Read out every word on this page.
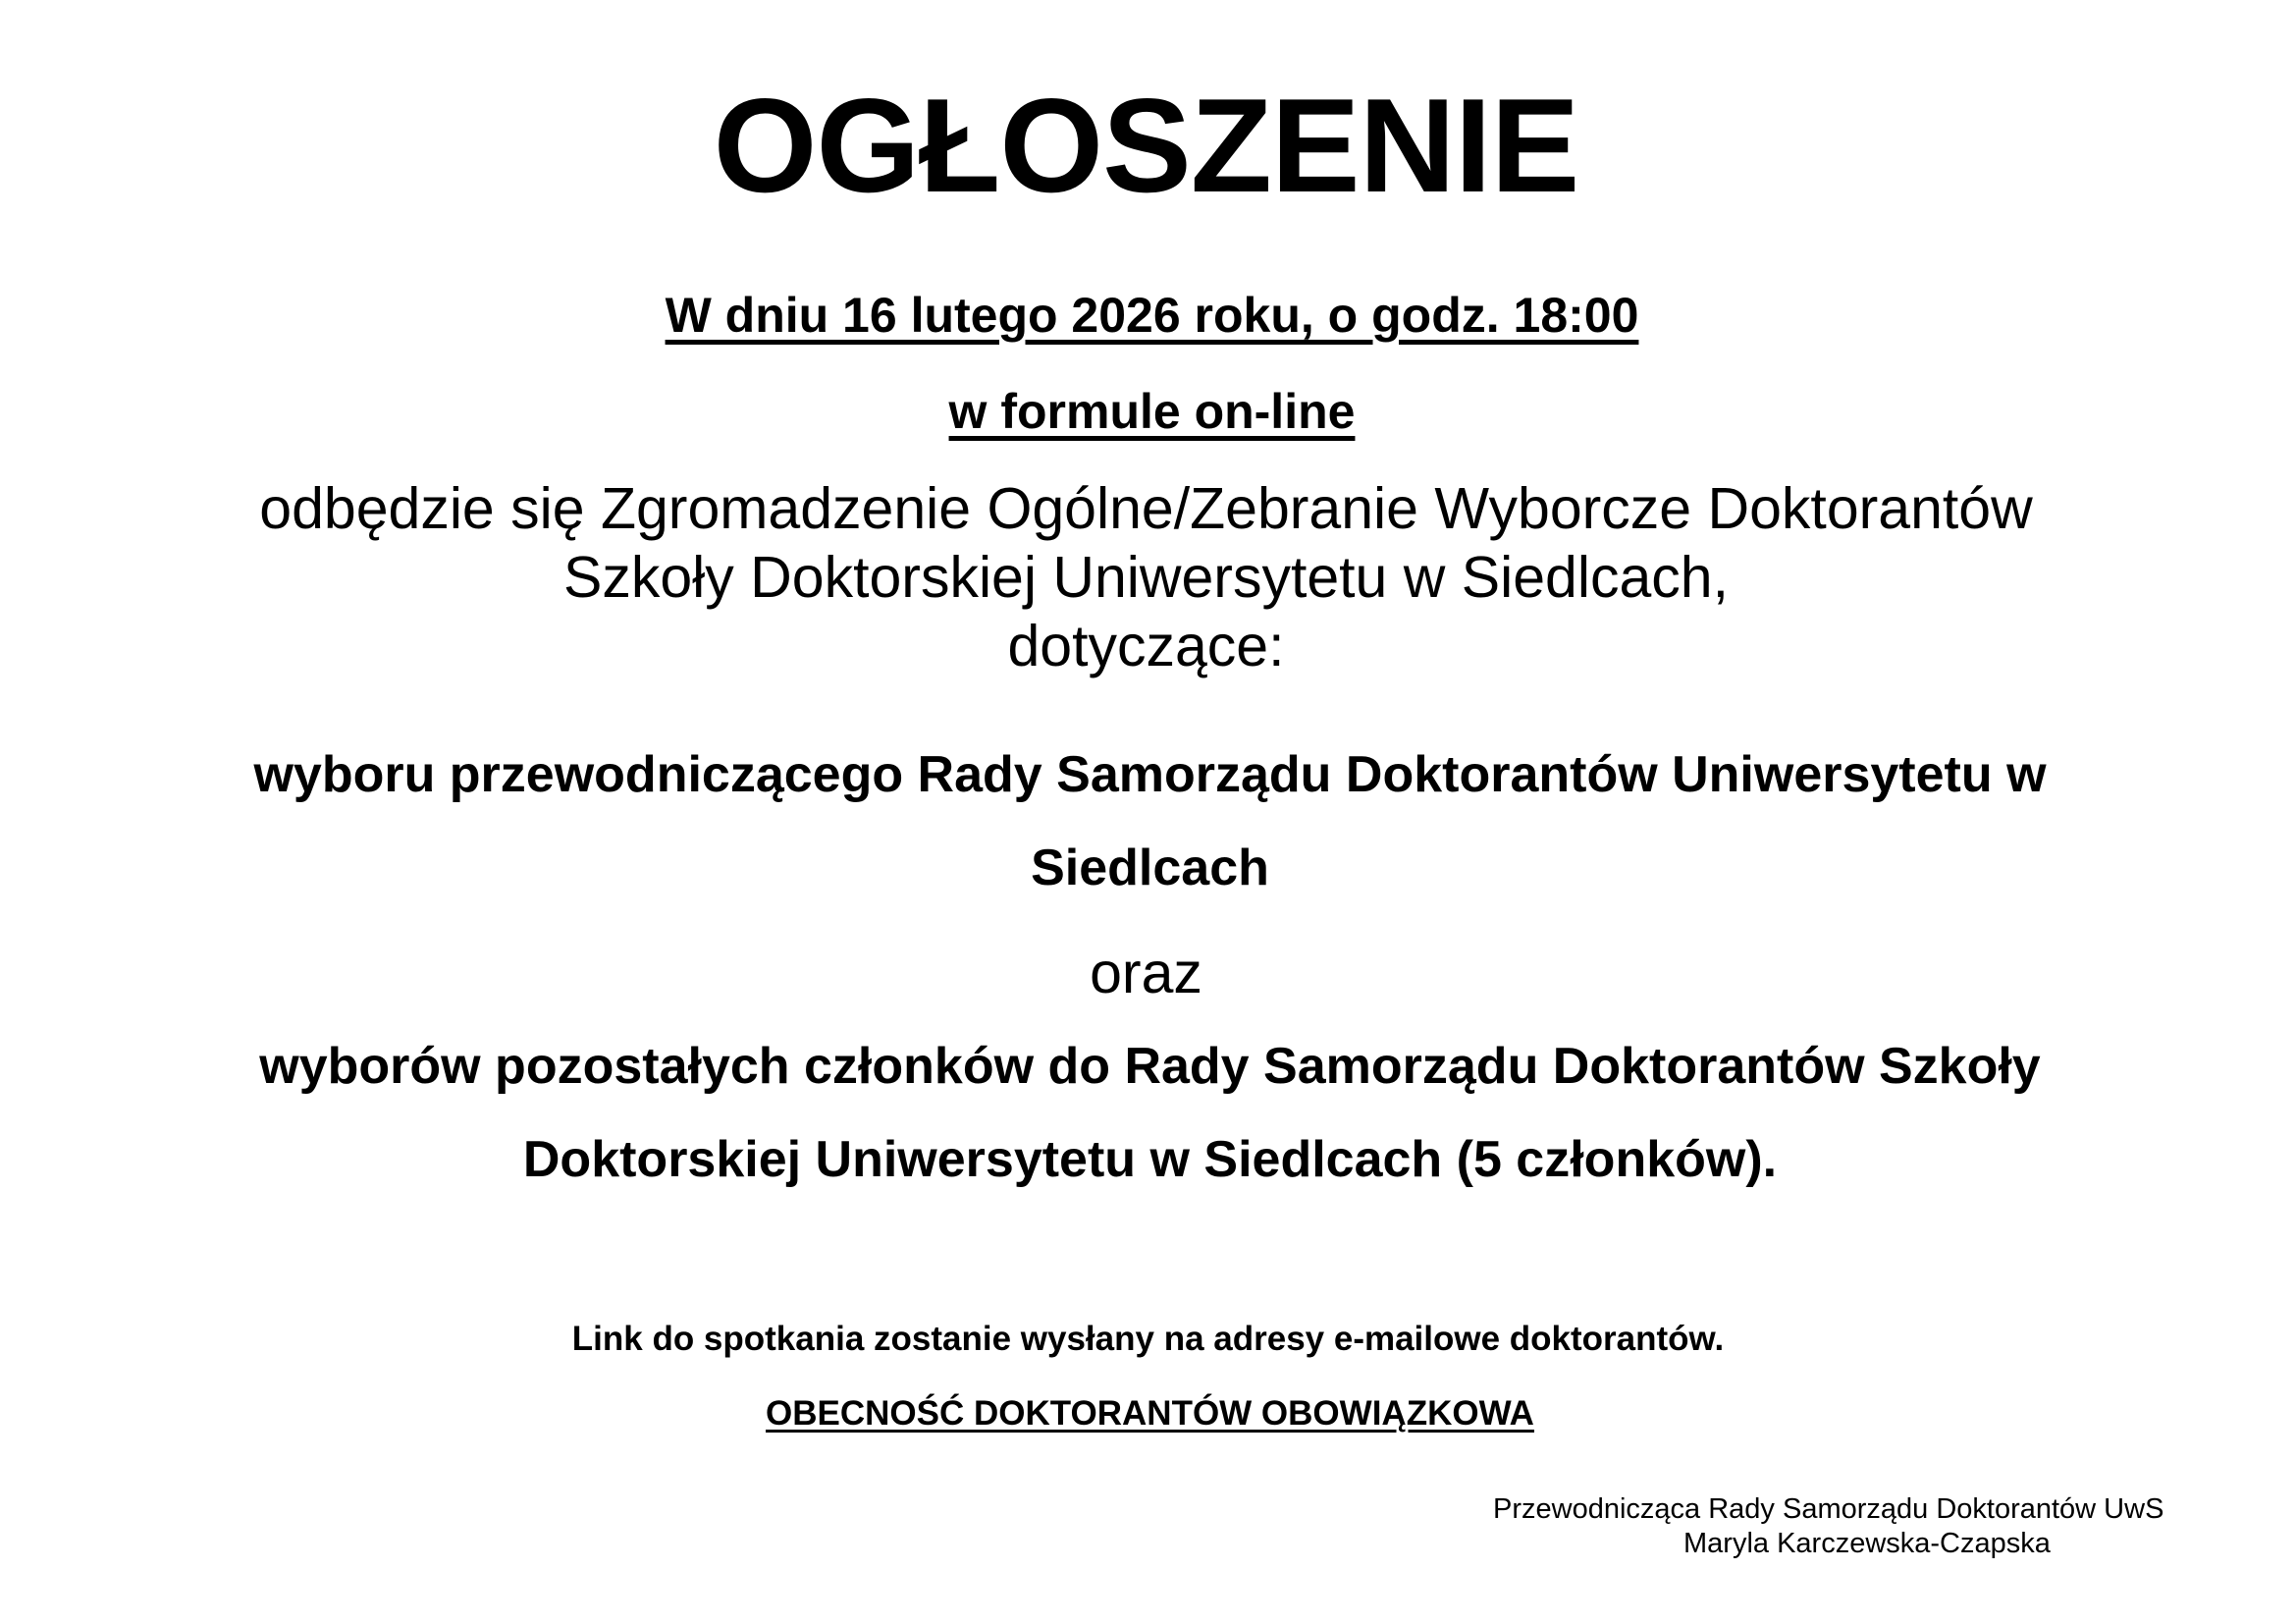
OGŁOSZENIE
W dniu 16 lutego 2026 roku, o godz. 18:00
w formule on-line
odbędzie się Zgromadzenie Ogólne/Zebranie Wyborcze Doktorantów
Szkoły Doktorskiej Uniwersytetu w Siedlcach,
dotyczące:
wyboru przewodniczącego Rady Samorządu Doktorantów Uniwersytetu w
Siedlcach
oraz
wyborów pozostałych członków do Rady Samorządu Doktorantów Szkoły
Doktorskiej Uniwersytetu w Siedlcach (5 członków).
Link do spotkania zostanie wysłany na adresy e-mailowe doktorantów.
OBECNOŚĆ DOKTORANTÓW OBOWIĄZKOWA
Przewodnicząca Rady Samorządu Doktorantów UwS
Maryla Karczewska-Czapska
